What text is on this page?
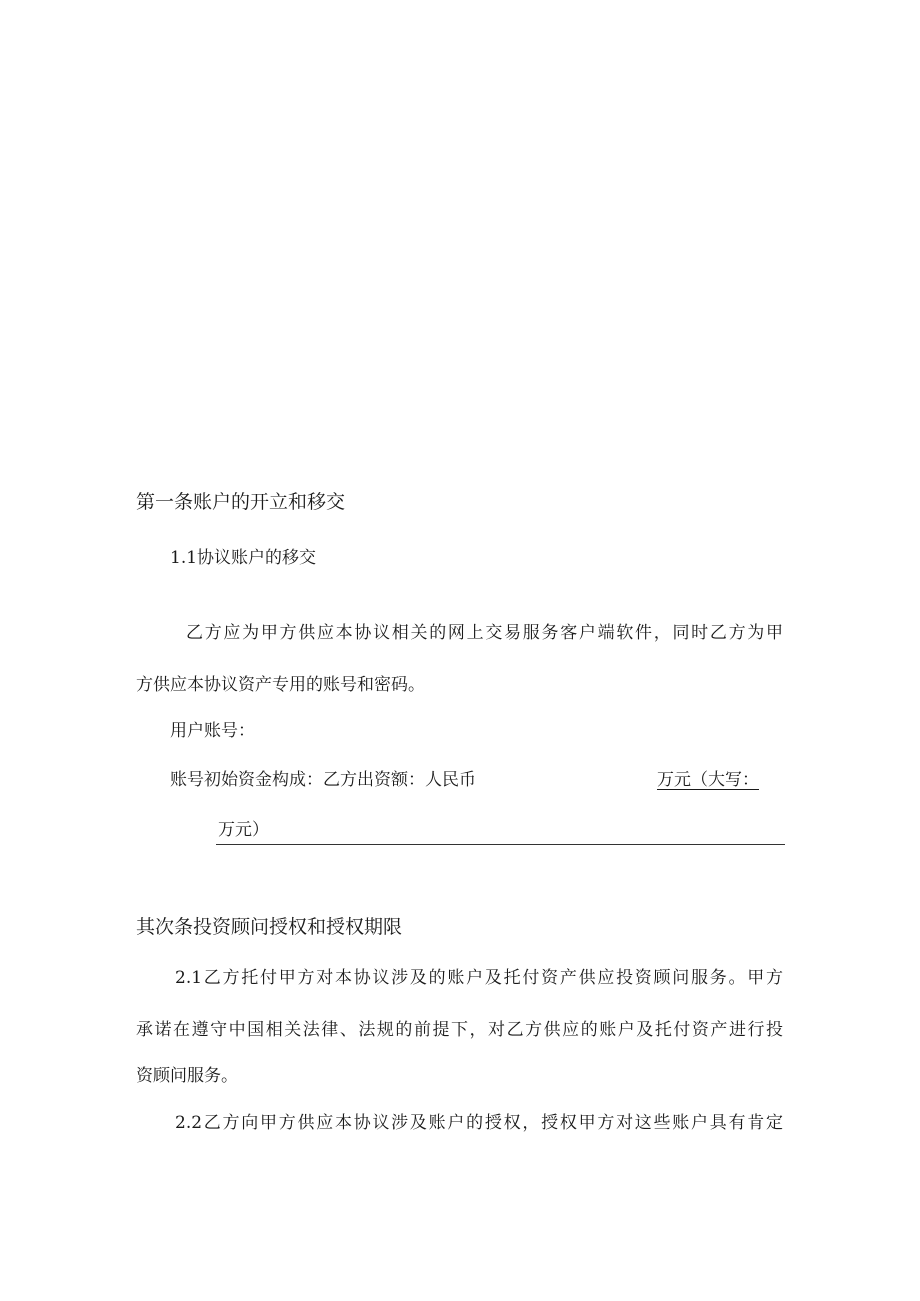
第一条账户的开立和移交
1.1协议账户的移交
乙方应为甲方供应本协议相关的网上交易服务客户端软件，同时乙方为甲
方供应本协议资产专用的账号和密码。
用户账号：
账号初始资金构成：乙方出资额：人民币	万元（大写：
万元）
其次条投资顾问授权和授权期限
2.1乙方托付甲方对本协议涉及的账户及托付资产供应投资顾问服务。甲方
承诺在遵守中国相关法律、法规的前提下，对乙方供应的账户及托付资产进行投
资顾问服务。
2.2乙方向甲方供应本协议涉及账户的授权，授权甲方对这些账户具有肯定
